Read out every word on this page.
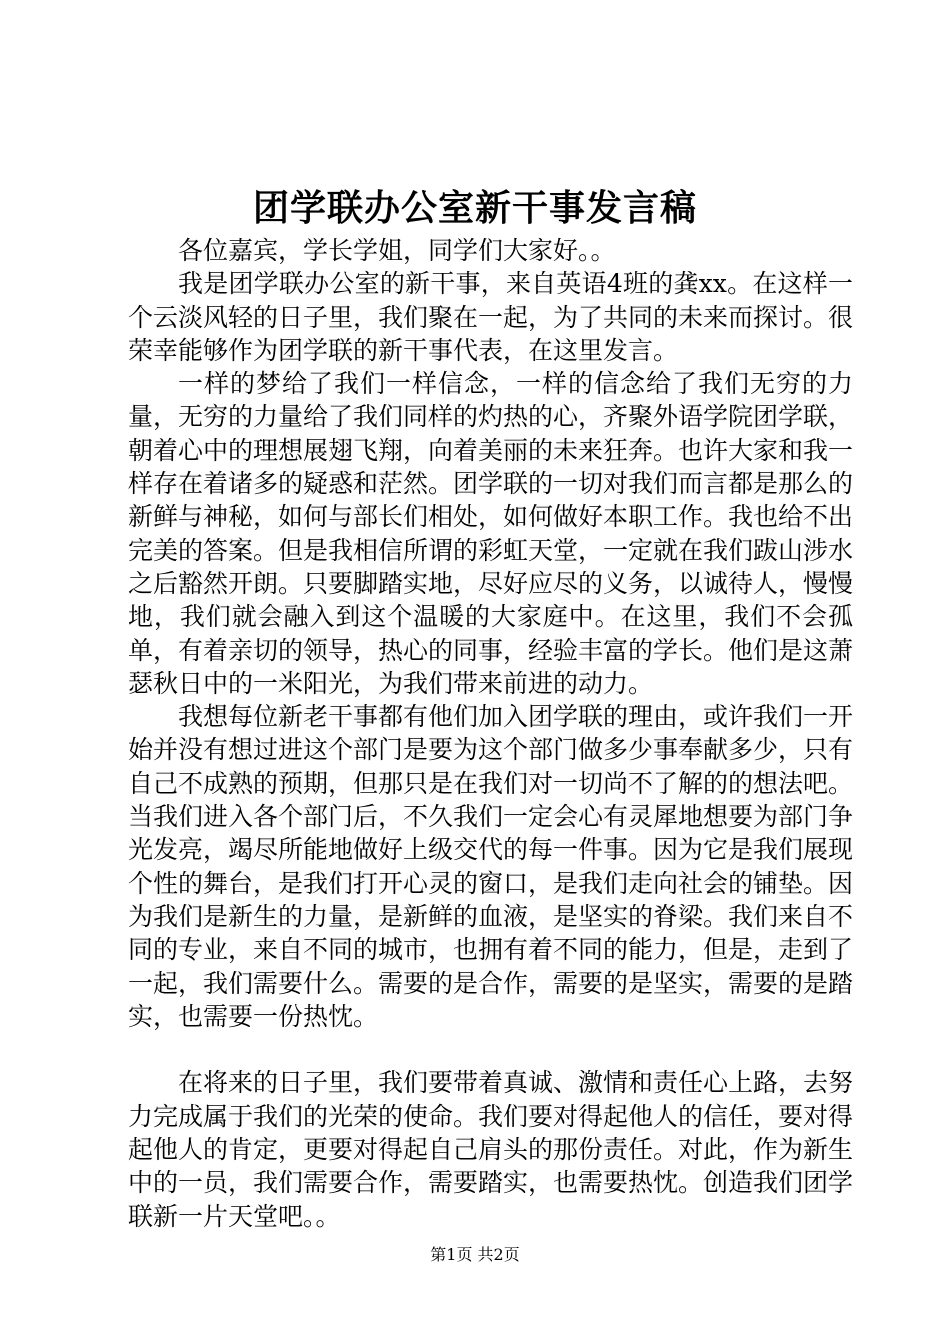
团学联办公室新干事发言稿

各位嘉宾，学长学姐，同学们大家好。。

我是团学联办公室的新干事，来自英语4班的龚xx。在这样一个云淡风轻的日子里，我们聚在一起，为了共同的未来而探讨。很荣幸能够作为团学联的新干事代表，在这里发言。

一样的梦给了我们一样信念，一样的信念给了我们无穷的力量，无穷的力量给了我们同样的灼热的心，齐聚外语学院团学联，朝着心中的理想展翅飞翔，向着美丽的未来狂奔。也许大家和我一样存在着诸多的疑惑和茫然。团学联的一切对我们而言都是那么的新鲜与神秘，如何与部长们相处，如何做好本职工作。我也给不出完美的答案。但是我相信所谓的彩虹天堂，一定就在我们跋山涉水之后豁然开朗。只要脚踏实地，尽好应尽的义务，以诚待人，慢慢地，我们就会融入到这个温暖的大家庭中。在这里，我们不会孤单，有着亲切的领导，热心的同事，经验丰富的学长。他们是这萧瑟秋日中的一米阳光，为我们带来前进的动力。

我想每位新老干事都有他们加入团学联的理由，或许我们一开始并没有想过进这个部门是要为这个部门做多少事奉献多少，只有自己不成熟的预期，但那只是在我们对一切尚不了解的的想法吧。当我们进入各个部门后，不久我们一定会心有灵犀地想要为部门争光发亮，竭尽所能地做好上级交代的每一件事。因为它是我们展现个性的舞台，是我们打开心灵的窗口，是我们走向社会的铺垫。因为我们是新生的力量，是新鲜的血液，是坚实的脊梁。我们来自不同的专业，来自不同的城市，也拥有着不同的能力，但是，走到了一起，我们需要什么。需要的是合作，需要的是坚实，需要的是踏实，也需要一份热忱。

在将来的日子里，我们要带着真诚、激情和责任心上路，去努力完成属于我们的光荣的使命。我们要对得起他人的信任，要对得起他人的肯定，更要对得起自己肩头的那份责任。对此，作为新生中的一员，我们需要合作，需要踏实，也需要热忱。创造我们团学联新一片天堂吧。。

第1页 共2页
